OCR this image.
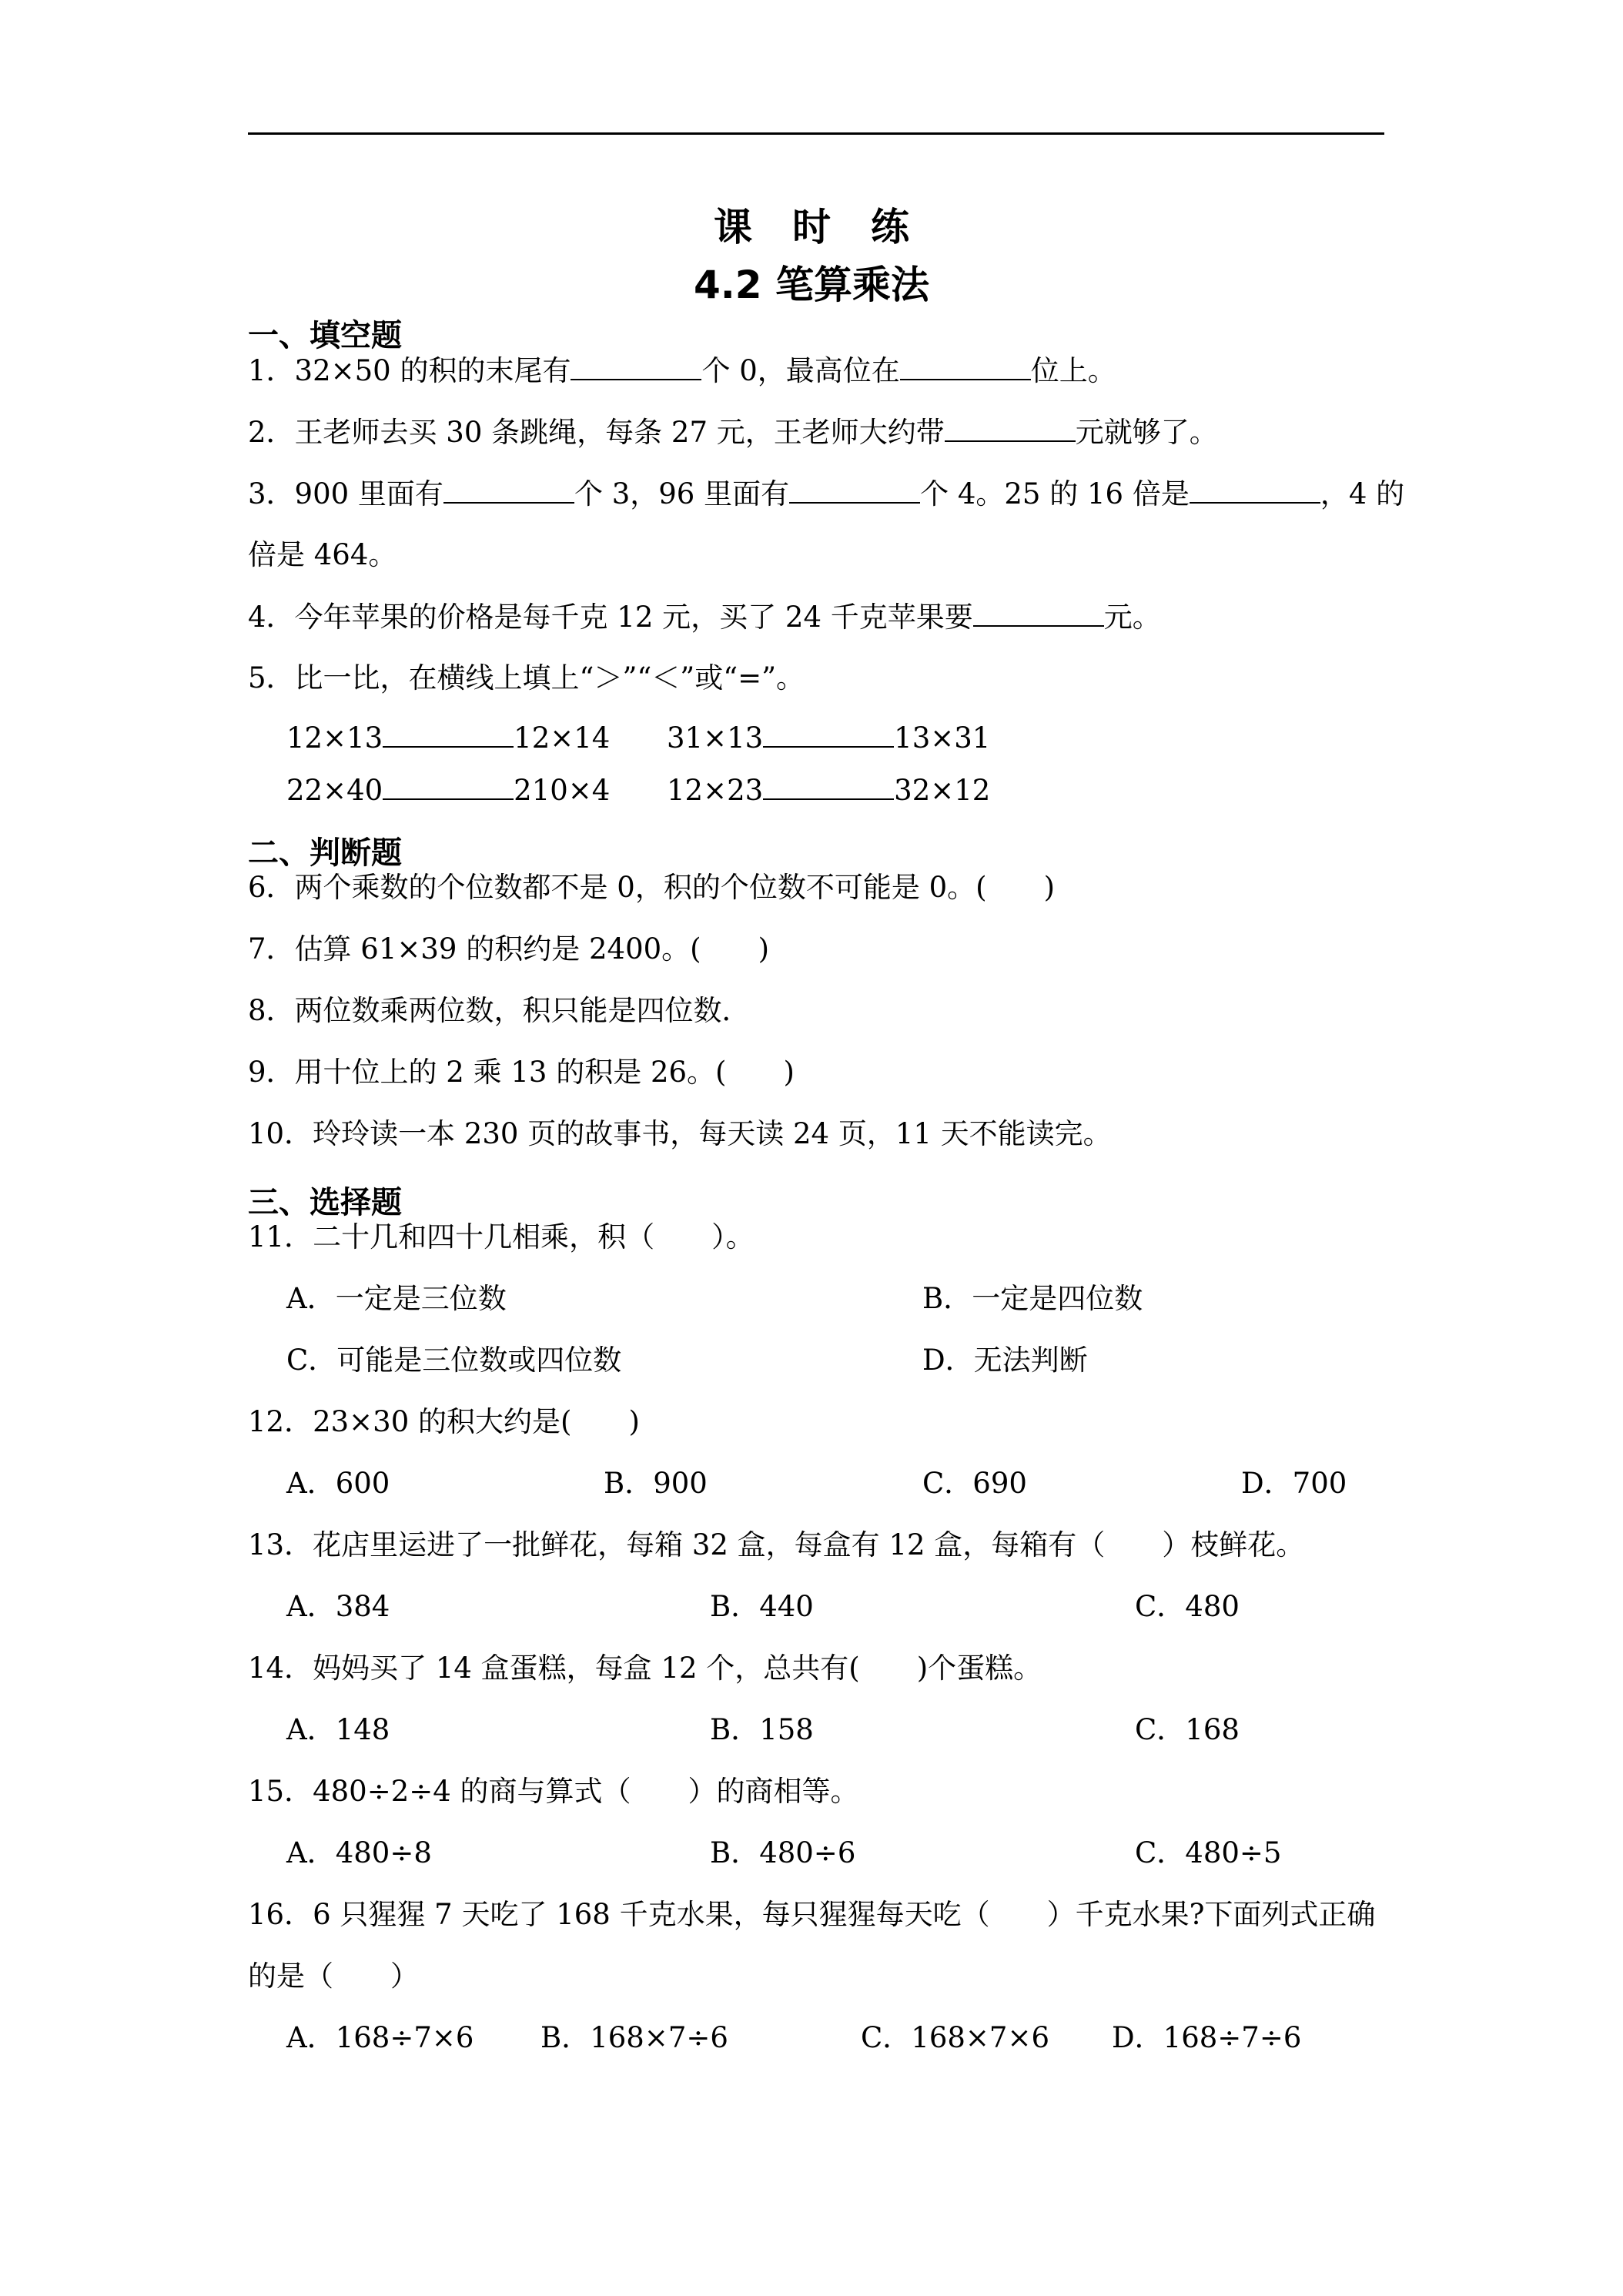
课 时 练
4.2 笔算乘法
一、填空题
1．32×50 的积的末尾有	个 0，最高位在	位上。
2．王老师去买 30 条跳绳，每条 27 元，王老师大约带	元就够了。
3．900 里面有	个 3，96 里面有	个 4。25 的 16 倍是	，4 的
倍是 464。
4．今年苹果的价格是每千克 12 元，买了 24 千克苹果要	元。
5．比一比，在横线上填上“＞”“＜”或“=”。
12×13	12×14 31×13	13×31
22×40	210×4 12×23	32×12
二、判断题
6．两个乘数的个位数都不是 0，积的个位数不可能是 0。(　　)
7．估算 61×39 的积约是 2400。(　　)
8．两位数乘两位数，积只能是四位数．
9．用十位上的 2 乘 13 的积是 26。(　　)
10．玲玲读一本 230 页的故事书，每天读 24 页，11 天不能读完。
三、选择题
11．二十几和四十几相乘，积（　　）。
A．一定是三位数	B．一定是四位数
C．可能是三位数或四位数	D．无法判断
12．23×30 的积大约是(　　)
A．600	B．900	C．690	D．700
13．花店里运进了一批鲜花，每箱 32 盒，每盒有 12 盒，每箱有（　　）枝鲜花。
A．384	B．440	C．480
14．妈妈买了 14 盒蛋糕，每盒 12 个，总共有(　　)个蛋糕。
A．148	B．158	C．168
15．480÷2÷4 的商与算式（　　）的商相等。
A．480÷8	B．480÷6	C．480÷5
16．6 只猩猩 7 天吃了 168 千克水果，每只猩猩每天吃（　　）千克水果?下面列式正确
的是（　　）
A．168÷7×6 B．168×7÷6	C．168×7×6 D．168÷7÷6
